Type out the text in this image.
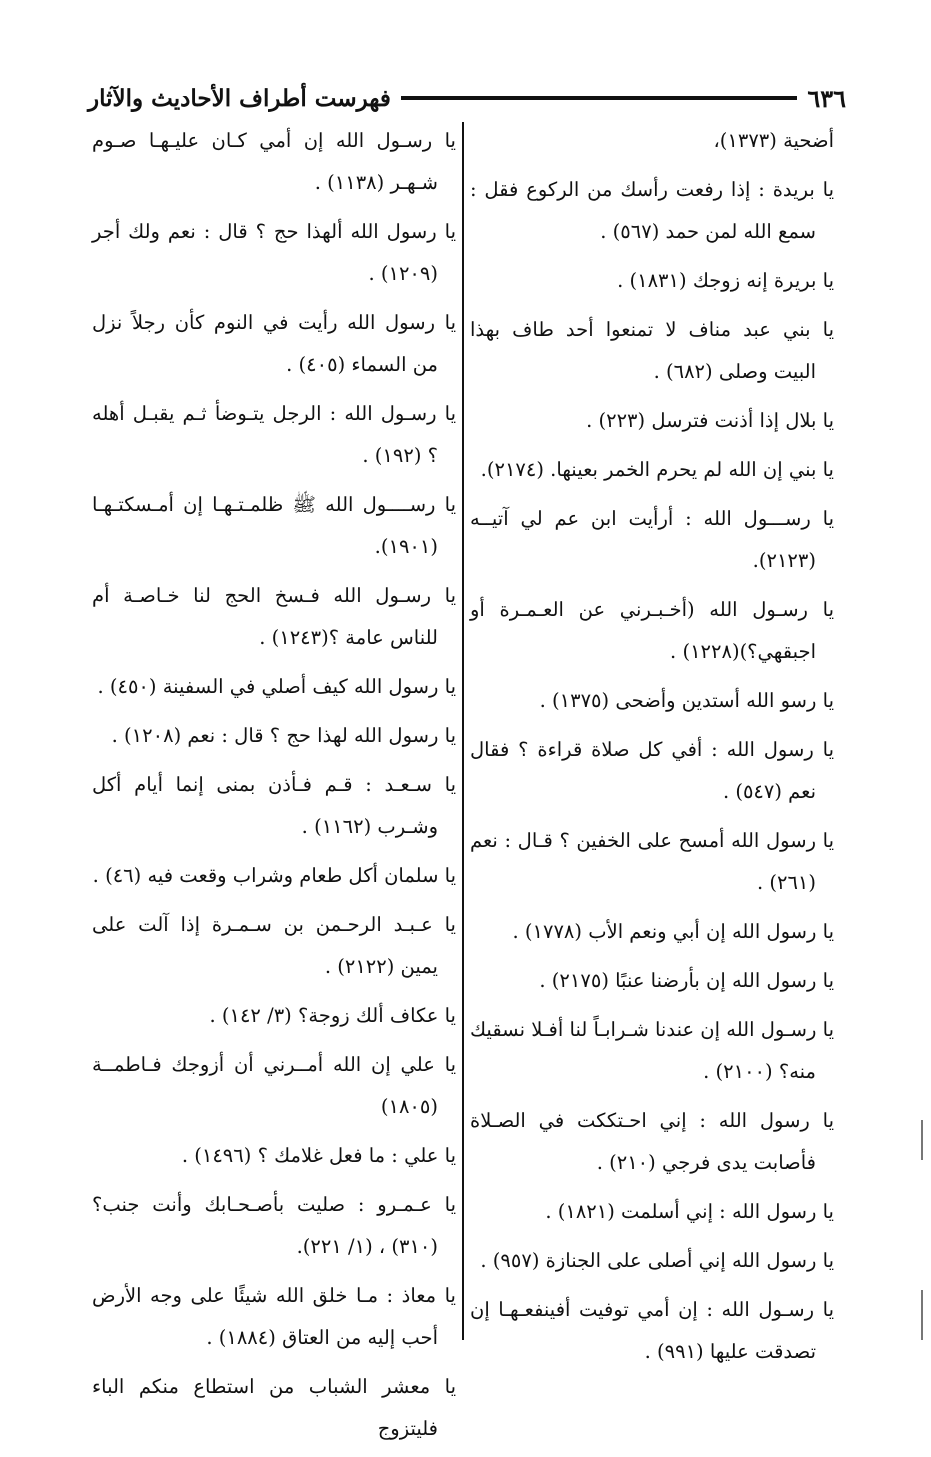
فهرست أطراف الأحاديث والآثار	٦٣٦

أضحية (١٣٧٣)،

يا بريدة : إذا رفعت رأسك من الركوع فقل : سمع الله لمن حمد (٥٦٧) .

يا بريرة إنه زوجك (١٨٣١) .

يا بني عبد مناف لا تمنعوا أحد طاف بهذا البيت وصلى (٦٨٢) .

يا بلال إذا أذنت فترسل (٢٢٣) .

يا بني إن الله لم يحرم الخمر بعينها. (٢١٧٤).

يا رســـول الله : أرأيت ابن عم لي آتيــه (٢١٢٣).

يا رسـول الله (أخـبـرني عن العـمـرة أو اجبقهي؟)(١٢٢٨) .

يا رسو الله أستدين وأضحى (١٣٧٥) .

يا رسول الله : أفي كل صلاة قراءة ؟ فقال نعم (٥٤٧) .

يا رسول الله أمسح على الخفين ؟ قـال : نعم (٢٦١) .

يا رسول الله إن أبي ونعم الأب (١٧٧٨) .

يا رسول الله إن بأرضنا عنبًا (٢١٧٥) .

يا رسـول الله إن عندنا شـرابـاً لنا أفـلا نسقيك منه؟ (٢١٠٠) .

يا رسول الله : إني احـتككت في الصـلاة فأصابت يدى فرجي (٢١٠) .

يا رسول الله : إني أسلمت (١٨٢١) .

يا رسول الله إني أصلى على الجنازة (٩٥٧) .

يا رسـول الله : إن أمي توفيت أفينفعـهـا إن تصدقت عليها (٩٩١) .

يا رسـول الله إن أمي كـان عليـهـا صـوم شـهـر (١١٣٨) .

يا رسول الله ألهذا حج ؟ قال : نعم ولك أجر (١٢٠٩) .

يا رسول الله رأيت في النوم كأن رجلاً نزل من السماء (٤٠٥) .

يا رسـول الله : الرجل يتـوضأ ثـم يقبـل أهله ؟ (١٩٢) .

يا رســــول الله ﷺ ظلمـتـهـا إن أمـسكتـهـا (١٩٠١).

يا رسـول الله فـسخ الحج لنا خـاصـة أم للناس عامة ؟(١٢٤٣) .

يا رسول الله كيف أصلي في السفينة (٤٥٠) .

يا رسول الله لهذا حج ؟ قال : نعم (١٢٠٨) .

يا سـعـد : قـم فـأذن بمنى إنما أيام أكل وشـرب (١١٦٢) .

يا سلمان أكل طعام وشراب وقعت فيه (٤٦) .

يا عـبـد الرحـمن بن سـمـرة إذا آلت على يمين (٢١٢٢) .

يا عكاف ألك زوجة؟ (٣/ ١٤٢) .

يا علي إن الله أمــرني أن أزوجك فـاطمــة (١٨٠٥)

يا علي : ما فعل غلامك ؟ (١٤٩٦) .

يا عـمـرو : صليت بأصـحـابك وأنت جنب؟ (٣١٠) ، (١/ ٢٢١).

يا معاذ : مـا خلق الله شيئًا على وجه الأرض أحب إليه من العتاق (١٨٨٤) .

يا معشر الشباب من استطاع منكم الباء فليتزوج
